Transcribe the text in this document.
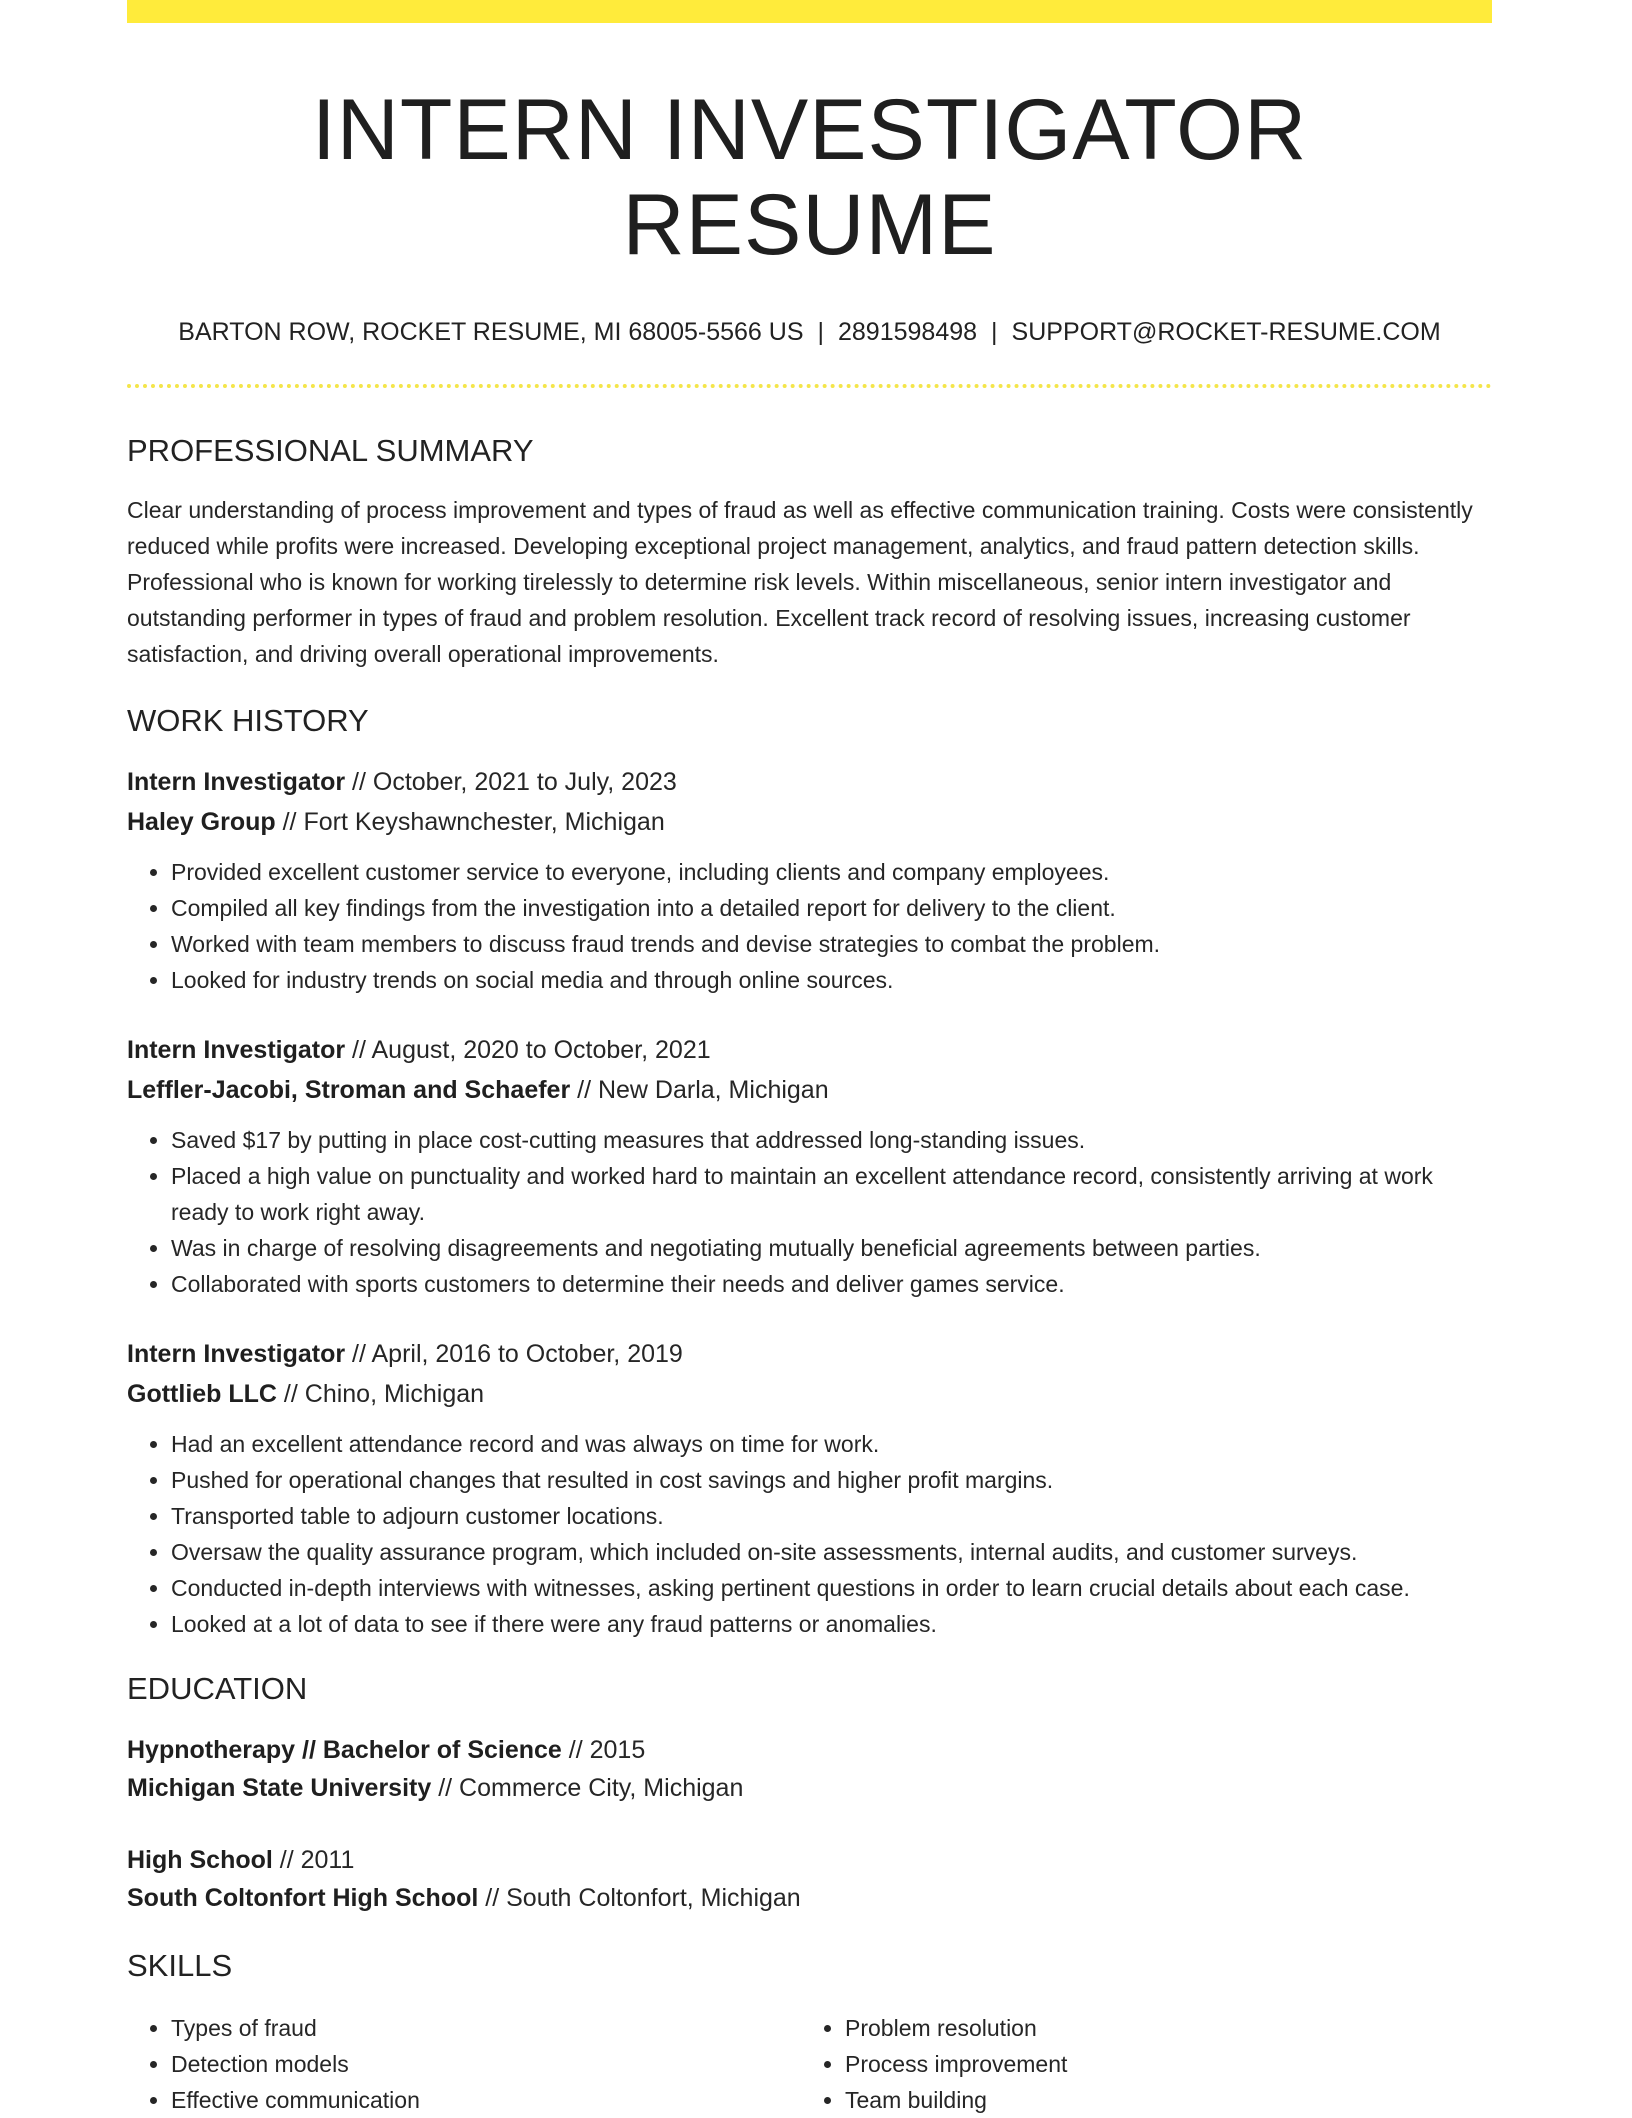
INTERN INVESTIGATOR RESUME
BARTON ROW, ROCKET RESUME, MI 68005-5566 US | 2891598498 | SUPPORT@ROCKET-RESUME.COM
PROFESSIONAL SUMMARY

Clear understanding of process improvement and types of fraud as well as effective communication training. Costs were consistently reduced while profits were increased. Developing exceptional project management, analytics, and fraud pattern detection skills. Professional who is known for working tirelessly to determine risk levels. Within miscellaneous, senior intern investigator and outstanding performer in types of fraud and problem resolution. Excellent track record of resolving issues, increasing customer satisfaction, and driving overall operational improvements.

WORK HISTORY
Intern Investigator // October, 2021 to July, 2023
Haley Group // Fort Keyshawnchester, Michigan
• Provided excellent customer service to everyone, including clients and company employees.
• Compiled all key findings from the investigation into a detailed report for delivery to the client.
• Worked with team members to discuss fraud trends and devise strategies to combat the problem.
• Looked for industry trends on social media and through online sources.
Intern Investigator // August, 2020 to October, 2021
Leffler-Jacobi, Stroman and Schaefer // New Darla, Michigan
• Saved $17 by putting in place cost-cutting measures that addressed long-standing issues.
• Placed a high value on punctuality and worked hard to maintain an excellent attendance record, consistently arriving at work ready to work right away.
• Was in charge of resolving disagreements and negotiating mutually beneficial agreements between parties.
• Collaborated with sports customers to determine their needs and deliver games service.
Intern Investigator // April, 2016 to October, 2019
Gottlieb LLC // Chino, Michigan
• Had an excellent attendance record and was always on time for work.
• Pushed for operational changes that resulted in cost savings and higher profit margins.
• Transported table to adjourn customer locations.
• Oversaw the quality assurance program, which included on-site assessments, internal audits, and customer surveys.
• Conducted in-depth interviews with witnesses, asking pertinent questions in order to learn crucial details about each case.
• Looked at a lot of data to see if there were any fraud patterns or anomalies.
EDUCATION
Hypnotherapy // Bachelor of Science // 2015
Michigan State University // Commerce City, Michigan
High School // 2011
South Coltonfort High School // South Coltonfort, Michigan
SKILLS
• Types of fraud
• Detection models
• Effective communication
• Problem resolution
• Process improvement
• Team building
